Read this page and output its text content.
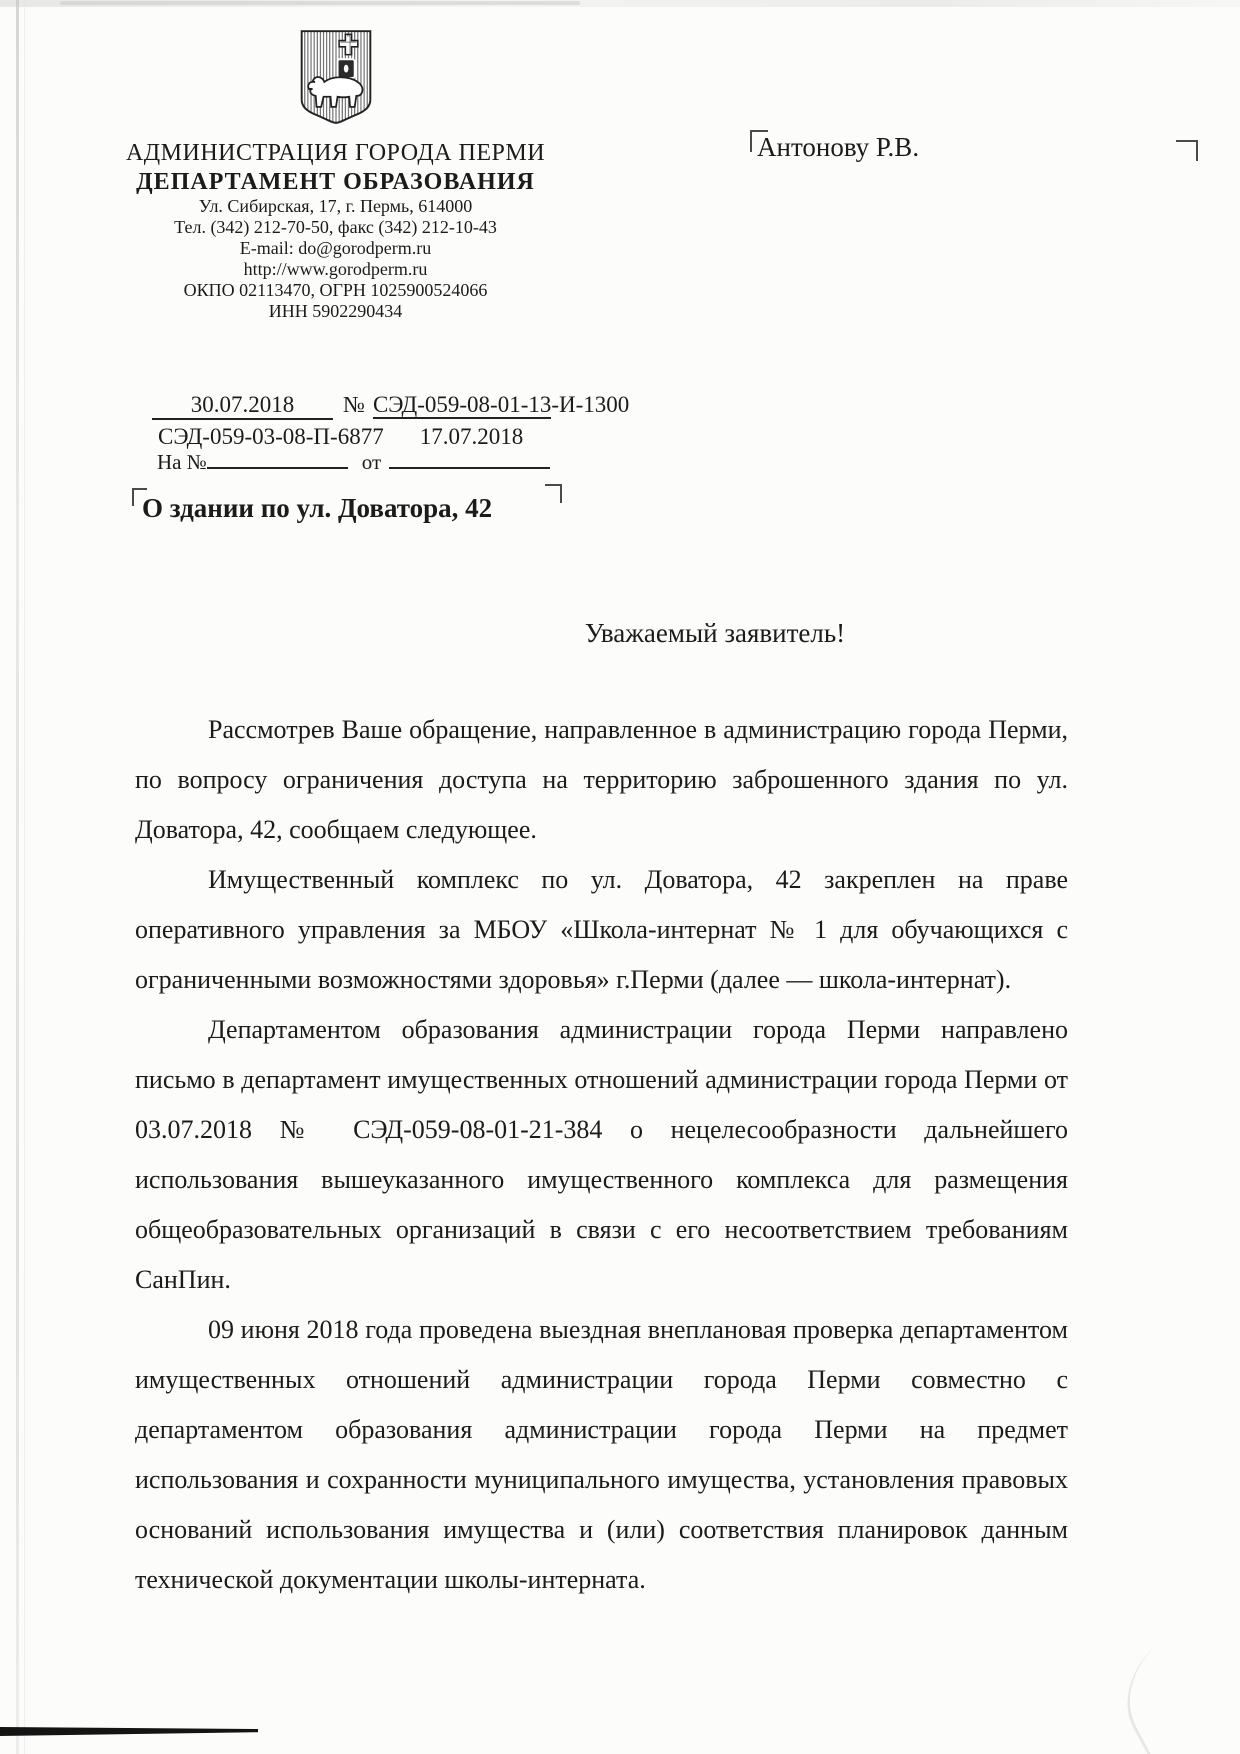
АДМИНИСТРАЦИЯ ГОРОДА ПЕРМИ
ДЕПАРТАМЕНТ ОБРАЗОВАНИЯ
Ул. Сибирская, 17, г. Пермь, 614000
Тел. (342) 212-70-50, факс (342) 212-10-43
E-mail: do@gorodperm.ru
http://www.gorodperm.ru
ОКПО 02113470, ОГРН 1025900524066
ИНН 5902290434
Антонову Р.В.
30.07.2018 № СЭД-059-08-01-13-И-1300
СЭД-059-03-08-П-6877 17.07.2018
На №	от
О здании по ул. Доватора, 42
Уважаемый заявитель!

Рассмотрев Ваше обращение, направленное в администрацию города Перми, по вопросу ограничения доступа на территорию заброшенного здания по ул. Доватора, 42, сообщаем следующее.

Имущественный комплекс по ул. Доватора, 42 закреплен на праве оперативного управления за МБОУ «Школа-интернат № 1 для обучающихся с ограниченными возможностями здоровья» г.Перми (далее — школа-интернат).

Департаментом образования администрации города Перми направлено письмо в департамент имущественных отношений администрации города Перми от 03.07.2018 № СЭД-059-08-01-21-384 о нецелесообразности дальнейшего использования вышеуказанного имущественного комплекса для размещения общеобразовательных организаций в связи с его несоответствием требованиям СанПин.

09 июня 2018 года проведена выездная внеплановая проверка департаментом имущественных отношений администрации города Перми совместно с департаментом образования администрации города Перми на предмет использования и сохранности муниципального имущества, установления правовых оснований использования имущества и (или) соответствия планировок данным технической документации школы-интерната.
